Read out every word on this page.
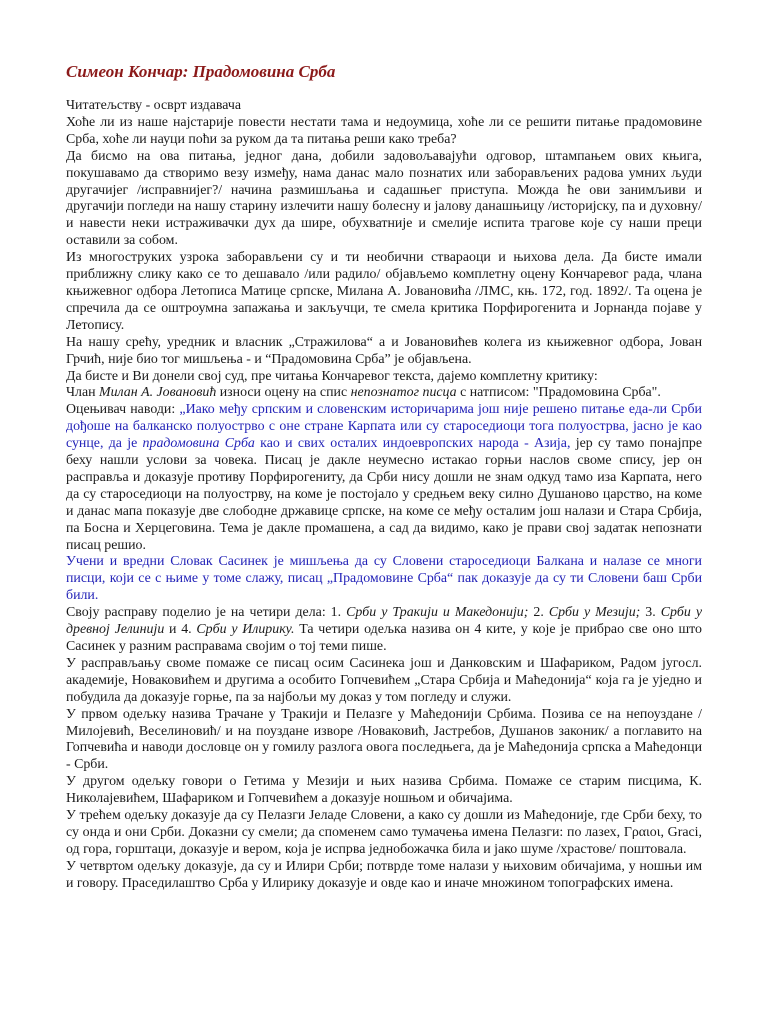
Симеон Кончар: Прадомовина Срба

Читатељству - осврт издавача

Хоће ли из наше најстарије повести нестати тама и недоумица, хоће ли се решити питање прадомовине Срба, хоће ли науци поћи за руком да та питања реши како треба?

Да бисмо на ова питања, једног дана, добили задовољавајући одговор, штампањем ових књига, покушавамо да створимо везу између, нама данас мало познатих или заборављених радова умних људи другачијег /исправнијег?/ начина размишљања и садашњег приступа. Можда ће ови занимљиви и другачији погледи на нашу старину излечити нашу болесну и јалову данашњицу /историјску, па и духовну/ и навести неки истраживачки дух да шире, обухватније и смелије испита трагове које су наши преци оставили за собом.

Из многоструких узрока заборављени су и ти необични ствараоци и њихова дела. Да бисте имали приближну слику како се то дешавало /или радило/ објављемо комплетну оцену Кончаревог рада, члана књижевног одбора Летописа Матице српске, Милана А. Јовановића /ЛМС, књ. 172, год. 1892/. Та оцена је спречила да се оштроумна запажања и закључци, те смела критика Порфирогенита и Јорнанда појаве у Летопису.

На нашу срећу, уредник и власник „Стражилова“ а и Јовановићев колега из књижевног одбора, Јован Грчић, није био тог мишљења - и “Прадомовина Срба” је објављена.

Да бисте и Ви донели свој суд, пре читања Кончаревог текста, дајемо комплетну критику:

Члан Милан А. Јовановић износи оцену на спис непознатог писца с натписом: "Прадомовина Срба".

Оцењивач наводи: „Иако међу српским и словенским историчарима још није решено питање еда-ли Срби дођоше на балканско полуострво с оне стране Карпата или су староседиоци тога полуострва, јасно је као сунце, да је прадомовина Срба као и свих осталих индоевропских народа - Азија, јер су тамо понајпре беху нашли услови за човека. Писац је дакле неумесно истакао горњи наслов своме спису, јер он расправља и доказује противу Порфирогениту, да Срби нису дошли не знам одкуд тамо иза Карпата, него да су староседиоци на полуострву, на коме је постојало у средњем веку силно Душаново царство, на коме и данас мапа показује две слободне државице српске, на коме се међу осталим још налази и Стара Србија, па Босна и Херцеговина. Тема је дакле промашена, а сад да видимо, како је прави свој задатак непознати писац решио.

Учени и вредни Словак Сасинек је мишљења да су Словени староседиоци Балкана и налазе се многи писци, који се с њиме у томе слажу, писац „Прадомовине Срба“ пак доказује да су ти Словени баш Срби били.

Своју расправу поделио је на четири дела: 1. Срби у Тракији и Македонији; 2. Срби у Мезији; 3. Срби у древној Јелинији и 4. Срби у Илирику. Та четири одељка назива он 4 ките, у које је прибрао све оно што Сасинек у разним расправама својим о тој теми пише.

У расправљању своме помаже се писац осим Сасинека још и Данковским и Шафариком, Радом југосл. академије, Новаковићем и другима а особито Гопчевићем „Стара Србија и Маћедонија“ која га је уједно и побудила да доказује горње, па за најбољи му доказ у том погледу и служи.

У првом одељку назива Трачане у Тракији и Пелазге у Маћедонији Србима. Позива се на непоуздане /Милојевић, Веселиновић/ и на поуздане изворе /Новаковић, Јастребов, Душанов законик/ а поглавито на Гопчевића и наводи дословце он у гомилу разлога овога последњега, да је Маћедонија српска а Маћедонци - Срби.

У другом одељку говори о Гетима у Мезији и њих назива Србима. Помаже се старим писцима, К. Николајевићем, Шафариком и Гопчевићем а доказује ношњом и обичајима.

У трећем одељку доказује да су Пелазги Јеладе Словени, а како су дошли из Маћедоније, где Срби беху, то су онда и они Срби. Доказни су смели; да споменем само тумачења имена Пелазги: по лазех, Γραιοι, Graci, од гора, горштаци, доказује и вером, која је испрва једнобожачка била и јако шуме /храстове/ поштовала.

У четвртом одељку доказује, да су и Илири Срби; потврде томе налази у њиховим обичајима, у ношњи им и говору. Праседилаштво Срба у Илирику доказује и овде као и иначе множином топографских имена.
